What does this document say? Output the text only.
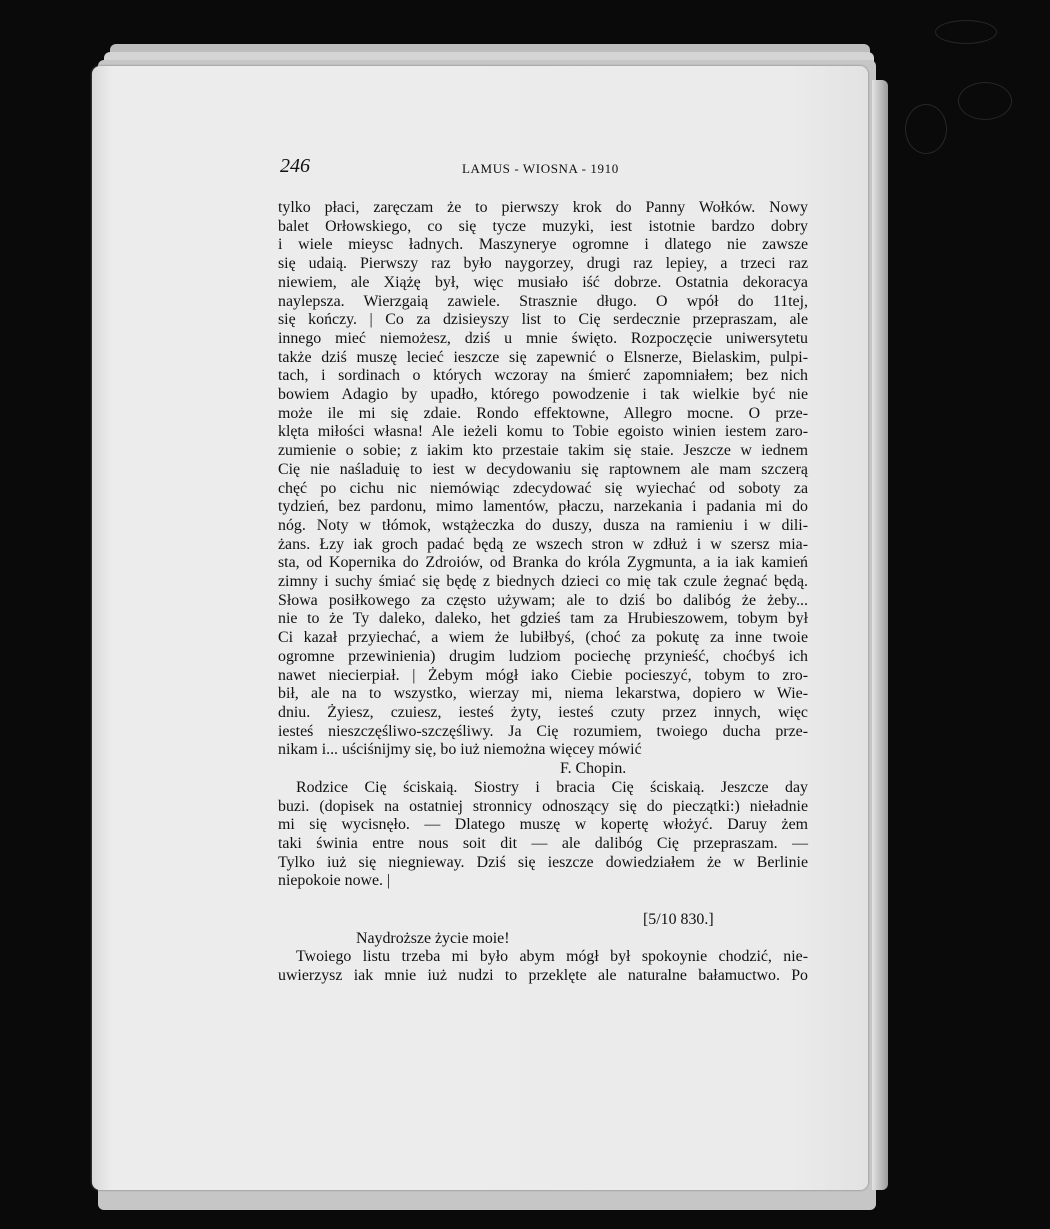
246	LAMUS - WIOSNA - 1910
tylko płaci, zaręczam że to pierwszy krok do Panny Wołków. Nowy
balet Orłowskiego, co się tycze muzyki, iest istotnie bardzo dobry
i wiele mieysc ładnych. Maszynerye ogromne i dlatego nie zawsze
się udaią. Pierwszy raz było naygorzey, drugi raz lepiey, a trzeci raz
niewiem, ale Xiążę był, więc musiało iść dobrze. Ostatnia dekoracya
naylepsza. Wierzgaią zawiele. Strasznie długo. O wpół do 11tej,
się kończy. | Co za dzisieyszy list to Cię serdecznie przepraszam, ale
innego mieć niemożesz, dziś u mnie święto. Rozpoczęcie uniwersytetu
także dziś muszę lecieć ieszcze się zapewnić o Elsnerze, Bielaskim, pulpi-
tach, i sordinach o których wczoray na śmierć zapomniałem; bez nich
bowiem Adagio by upadło, którego powodzenie i tak wielkie być nie
może ile mi się zdaie. Rondo effektowne, Allegro mocne. O prze-
klęta miłości własna! Ale ieżeli komu to Tobie egoisto winien iestem zaro-
zumienie o sobie; z iakim kto przestaie takim się staie. Jeszcze w iednem
Cię nie naśladuię to iest w decydowaniu się raptownem ale mam szczerą
chęć po cichu nic niemówiąc zdecydować się wyiechać od soboty za
tydzień, bez pardonu, mimo lamentów, płaczu, narzekania i padania mi do
nóg. Noty w tłómok, wstążeczka do duszy, dusza na ramieniu i w dili-
żans. Łzy iak groch padać będą ze wszech stron w zdłuż i w szersz mia-
sta, od Kopernika do Zdroiów, od Branka do króla Zygmunta, a ia iak kamień
zimny i suchy śmiać się będę z biednych dzieci co mię tak czule żegnać będą.
Słowa posiłkowego za często używam; ale to dziś bo dalibóg że żeby...
nie to że Ty daleko, daleko, het gdzieś tam za Hrubieszowem, tobym był
Ci kazał przyiechać, a wiem że lubiłbyś, (choć za pokutę za inne twoie
ogromne przewinienia) drugim ludziom pociechę przynieść, choćbyś ich
nawet niecierpiał. | Żebym mógł iako Ciebie pocieszyć, tobym to zro-
bił, ale na to wszystko, wierzay mi, niema lekarstwa, dopiero w Wie-
dniu. Żyiesz, czuiesz, iesteś żyty, iesteś czuty przez innych, więc
iesteś nieszczęśliwo-szczęśliwy. Ja Cię rozumiem, twoiego ducha prze-
nikam i... uściśnijmy się, bo iuż niemożna więcey mówić
F. Chopin.
Rodzice Cię ściskaią. Siostry i bracia Cię ściskaią. Jeszcze day
buzi. (dopisek na ostatniej stronnicy odnoszący się do pieczątki:) nieładnie
mi się wycisnęło. — Dlatego muszę w kopertę włożyć. Daruy żem
taki świnia entre nous soit dit — ale dalibóg Cię przepraszam. —
Tylko iuż się niegnieway. Dziś się ieszcze dowiedziałem że w Berlinie
niepokoie nowe. |
[5/10 830.]
Naydroższe życie moie!
Twoiego listu trzeba mi było abym mógł był spokoynie chodzić, nie-
uwierzysz iak mnie iuż nudzi to przeklęte ale naturalne bałamuctwo. Po
